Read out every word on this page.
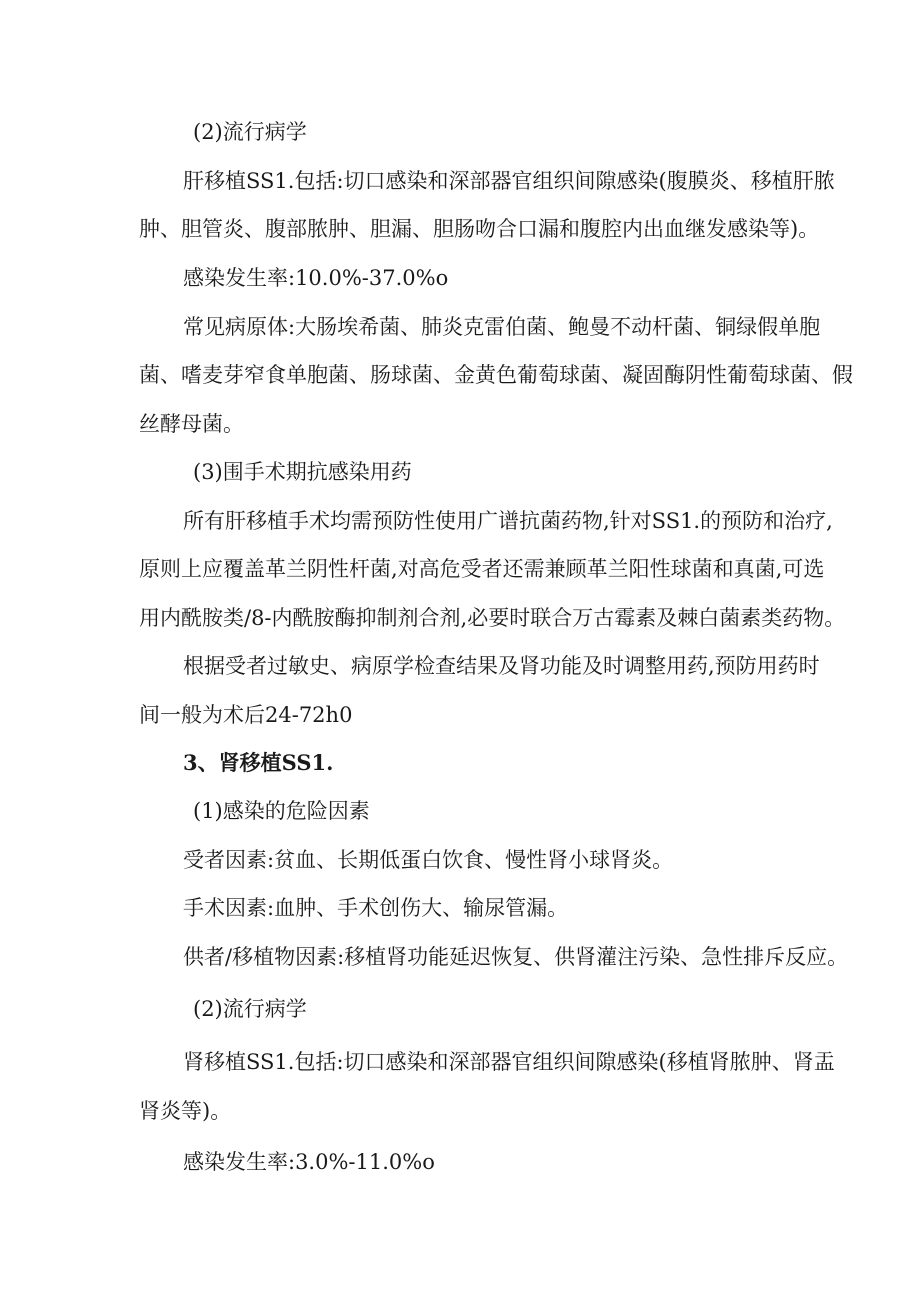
(2)流行病学

肝移植SS1.包括:切口感染和深部器官组织间隙感染(腹膜炎、移植肝脓

肿、胆管炎、腹部脓肿、胆漏、胆肠吻合口漏和腹腔内出血继发感染等)。

感染发生率:10.0%-37.0%o

常见病原体:大肠埃希菌、肺炎克雷伯菌、鲍曼不动杆菌、铜绿假单胞

菌、嗜麦芽窄食单胞菌、肠球菌、金黄色葡萄球菌、凝固酶阴性葡萄球菌、假

丝酵母菌。

(3)围手术期抗感染用药

所有肝移植手术均需预防性使用广谱抗菌药物,针对SS1.的预防和治疗,

原则上应覆盖革兰阴性杆菌,对高危受者还需兼顾革兰阳性球菌和真菌,可选

用内酰胺类/8-内酰胺酶抑制剂合剂,必要时联合万古霉素及棘白菌素类药物。

根据受者过敏史、病原学检查结果及肾功能及时调整用药,预防用药时

间一般为术后24-72h0

3、肾移植SS1.

(1)感染的危险因素

受者因素:贫血、长期低蛋白饮食、慢性肾小球肾炎。

手术因素:血肿、手术创伤大、输尿管漏。

供者/移植物因素:移植肾功能延迟恢复、供肾灌注污染、急性排斥反应。

(2)流行病学

肾移植SS1.包括:切口感染和深部器官组织间隙感染(移植肾脓肿、肾盂

肾炎等)。

感染发生率:3.0%-11.0%o
